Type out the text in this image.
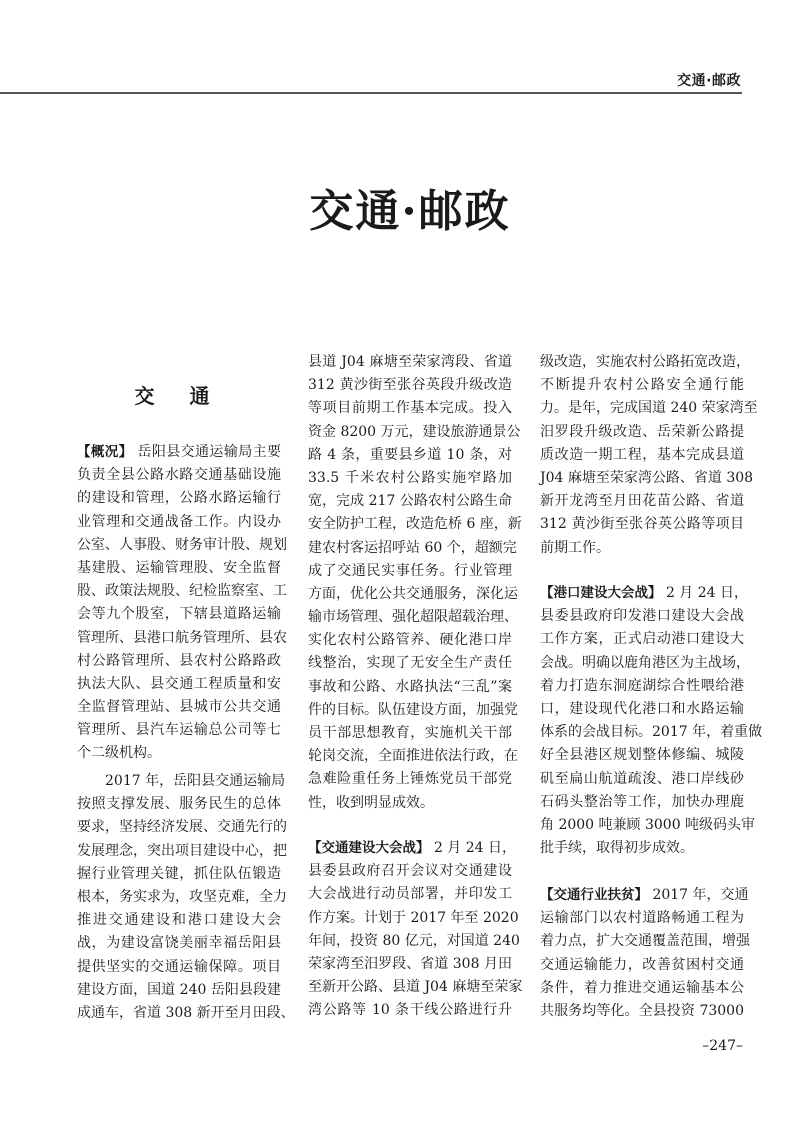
交通·邮政
交通·邮政
交 通
【概况】 岳阳县交通运输局主要
负责全县公路水路交通基础设施
的建设和管理，公路水路运输行
业管理和交通战备工作。内设办
公室、人事股、财务审计股、规划
基建股、运输管理股、安全监督
股、政策法规股、纪检监察室、工
会等九个股室，下辖县道路运输
管理所、县港口航务管理所、县农
村公路管理所、县农村公路路政
执法大队、县交通工程质量和安
全监督管理站、县城市公共交通
管理所、县汽车运输总公司等七
个二级机构。
2017 年，岳阳县交通运输局
按照支撑发展、服务民生的总体
要求，坚持经济发展、交通先行的
发展理念，突出项目建设中心，把
握行业管理关键，抓住队伍锻造
根本，务实求为，攻坚克难，全力
推进交通建设和港口建设大会
战，为建设富饶美丽幸福岳阳县
提供坚实的交通运输保障。项目
建设方面，国道 240 岳阳县段建
成通车，省道 308 新开至月田段、
县道 J04 麻塘至荣家湾段、省道
312 黄沙街至张谷英段升级改造
等项目前期工作基本完成。投入
资金 8200 万元，建设旅游通景公
路 4 条，重要县乡道 10 条，对
33.5 千米农村公路实施窄路加
宽，完成 217 公路农村公路生命
安全防护工程，改造危桥 6 座，新
建农村客运招呼站 60 个，超额完
成了交通民实事任务。行业管理
方面，优化公共交通服务，深化运
输市场管理、强化超限超载治理、
实化农村公路管养、硬化港口岸
线整治，实现了无安全生产责任
事故和公路、水路执法“三乱”案
件的目标。队伍建设方面，加强党
员干部思想教育，实施机关干部
轮岗交流，全面推进依法行政，在
急难险重任务上锤炼党员干部党
性，收到明显成效。
【交通建设大会战】 2 月 24 日，
县委县政府召开会议对交通建设
大会战进行动员部署，并印发工
作方案。计划于 2017 年至 2020
年间，投资 80 亿元，对国道 240
荣家湾至汨罗段、省道 308 月田
至新开公路、县道 J04 麻塘至荣家
湾公路等 10 条干线公路进行升
级改造，实施农村公路拓宽改造，
不断提升农村公路安全通行能
力。是年，完成国道 240 荣家湾至
汨罗段升级改造、岳荣新公路提
质改造一期工程，基本完成县道
J04 麻塘至荣家湾公路、省道 308
新开龙湾至月田花苗公路、省道
312 黄沙街至张谷英公路等项目
前期工作。
【港口建设大会战】 2 月 24 日，
县委县政府印发港口建设大会战
工作方案，正式启动港口建设大
会战。明确以鹿角港区为主战场，
着力打造东洞庭湖综合性喂给港
口，建设现代化港口和水路运输
体系的会战目标。2017 年，着重做
好全县港区规划整体修编、城陵
矶至扁山航道疏浚、港口岸线砂
石码头整治等工作，加快办理鹿
角 2000 吨兼顾 3000 吨级码头审
批手续，取得初步成效。
【交通行业扶贫】 2017 年，交通
运输部门以农村道路畅通工程为
着力点，扩大交通覆盖范围，增强
交通运输能力，改善贫困村交通
条件，着力推进交通运输基本公
共服务均等化。全县投资 73000
–247–
